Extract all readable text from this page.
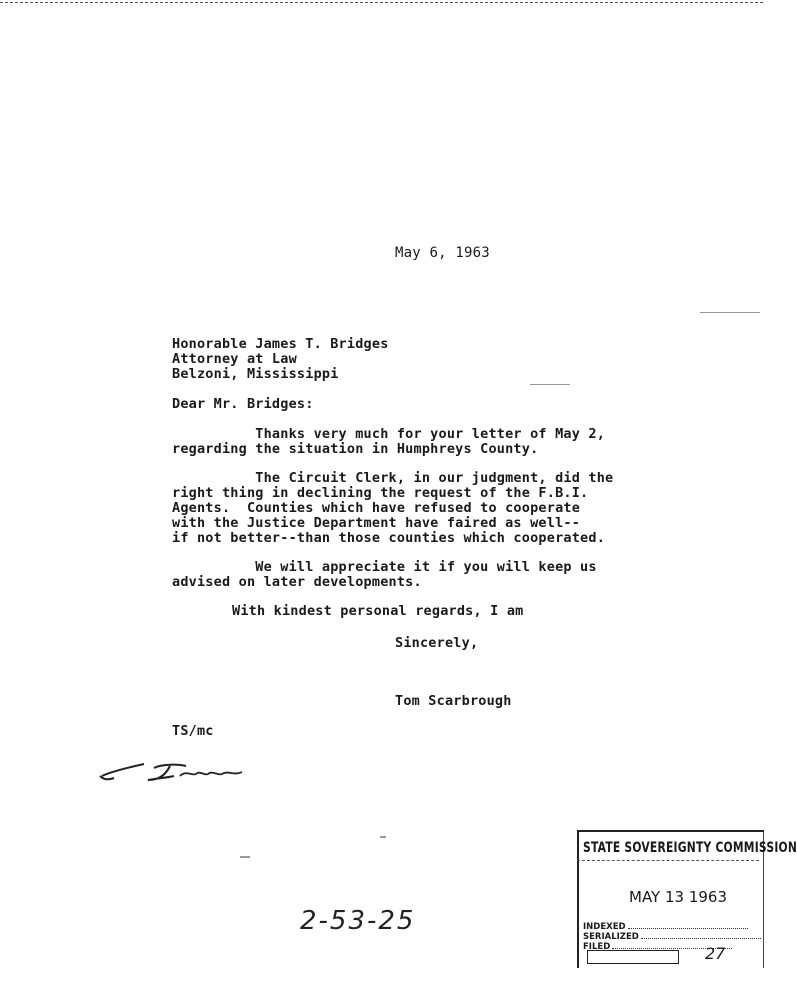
May 6, 1963
Honorable James T. Bridges
Attorney at Law
Belzoni, Mississippi
Dear Mr. Bridges:
Thanks very much for your letter of May 2,
regarding the situation in Humphreys County.
The Circuit Clerk, in our judgment, did the
right thing in declining the request of the F.B.I.
Agents.  Counties which have refused to cooperate
with the Justice Department have faired as well--
if not better--than those counties which cooperated.
We will appreciate it if you will keep us
advised on later developments.
With kindest personal regards, I am
Sincerely,
Tom Scarbrough
TS/mc
2-53-25
STATE SOVEREIGNTY COMMISSION
MAY 13 1963
INDEXED
SERIALIZED
FILED	27
